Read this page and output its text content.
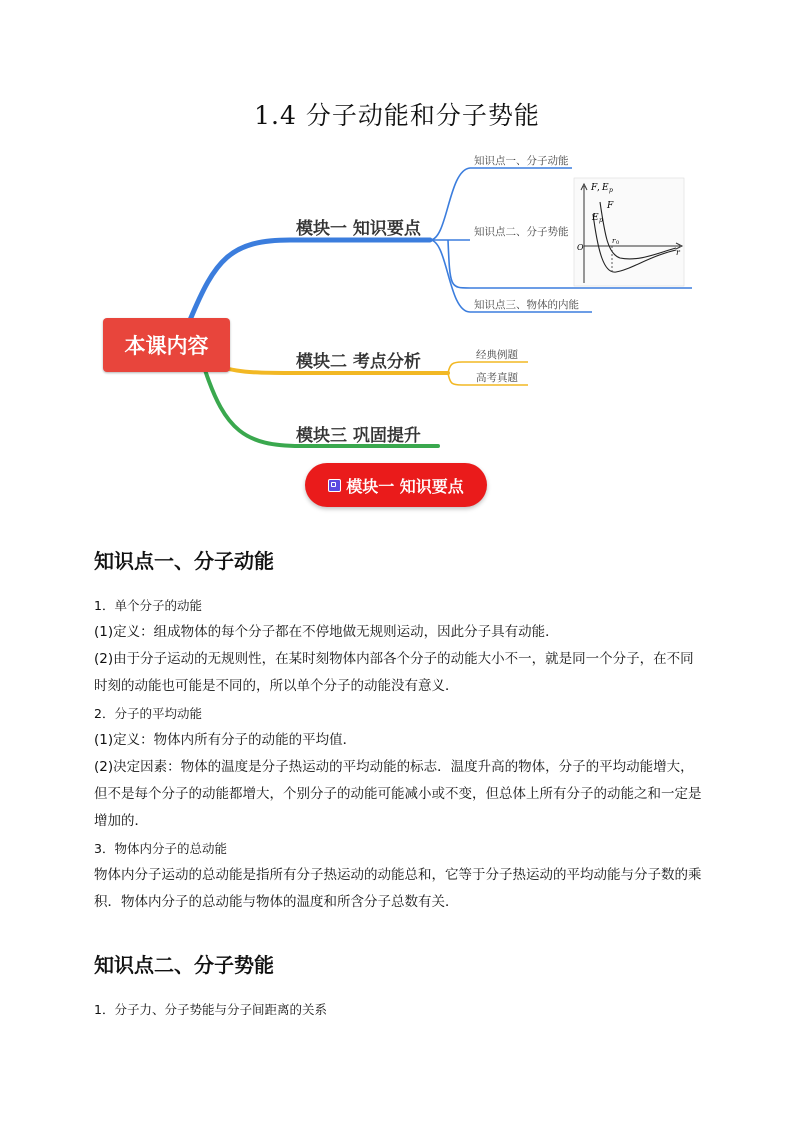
1.4 分子动能和分子势能
F , E p
F
E p
O
r 0
r
本课内容
模块一 知识要点
模块二 考点分析
模块三 巩固提升
知识点一、分子动能
知识点二、分子势能
知识点三、物体的内能
经典例题
高考真题
模块一 知识要点
知识点一、分子动能
1．单个分子的动能
(1)定义：组成物体的每个分子都在不停地做无规则运动，因此分子具有动能．
(2)由于分子运动的无规则性，在某时刻物体内部各个分子的动能大小不一，就是同一个分子，在不同时刻的动能也可能是不同的，所以单个分子的动能没有意义．
2．分子的平均动能
(1)定义：物体内所有分子的动能的平均值．
(2)决定因素：物体的温度是分子热运动的平均动能的标志．温度升高的物体，分子的平均动能增大，但不是每个分子的动能都增大，个别分子的动能可能减小或不变，但总体上所有分子的动能之和一定是增加的．
3．物体内分子的总动能
物体内分子运动的总动能是指所有分子热运动的动能总和，它等于分子热运动的平均动能与分子数的乘积．物体内分子的总动能与物体的温度和所含分子总数有关．
知识点二、分子势能
1．分子力、分子势能与分子间距离的关系
